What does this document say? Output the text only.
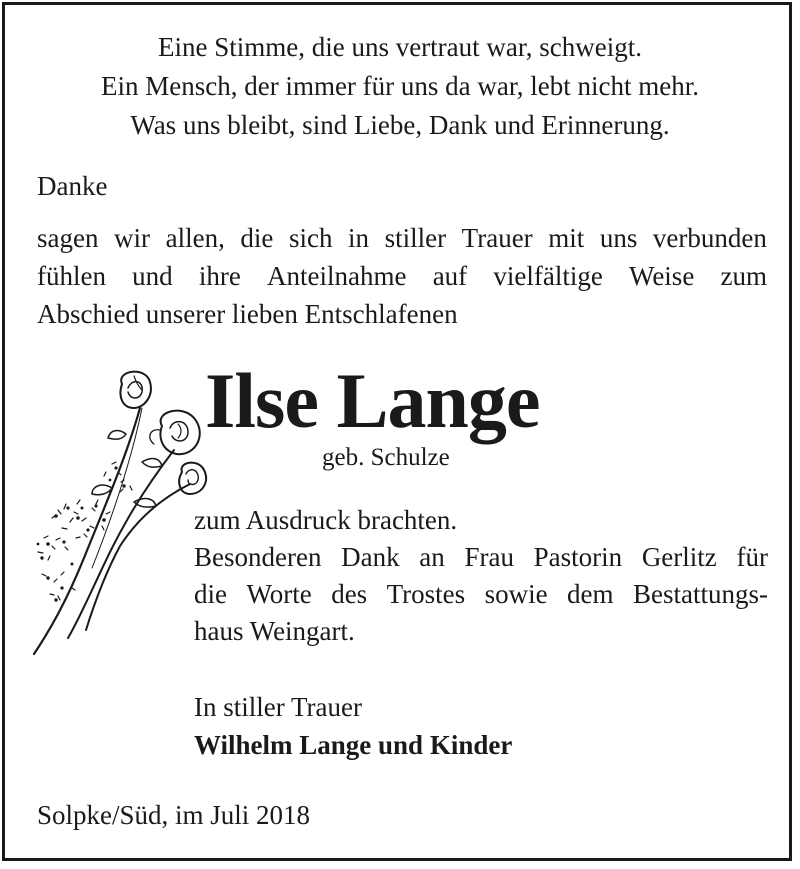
Eine Stimme, die uns vertraut war, schweigt.
Ein Mensch, der immer für uns da war, lebt nicht mehr.
Was uns bleibt, sind Liebe, Dank und Erinnerung.
Danke
sagen wir allen, die sich in stiller Trauer mit uns verbunden
fühlen und ihre Anteilnahme auf vielfältige Weise zum
Abschied unserer lieben Entschlafenen
Ilse Lange
geb. Schulze
zum Ausdruck brachten.
Besonderen Dank an Frau Pastorin Gerlitz für
die Worte des Trostes sowie dem Bestattungs-
haus Weingart.
In stiller Trauer
Wilhelm Lange und Kinder
Solpke/Süd, im Juli 2018
